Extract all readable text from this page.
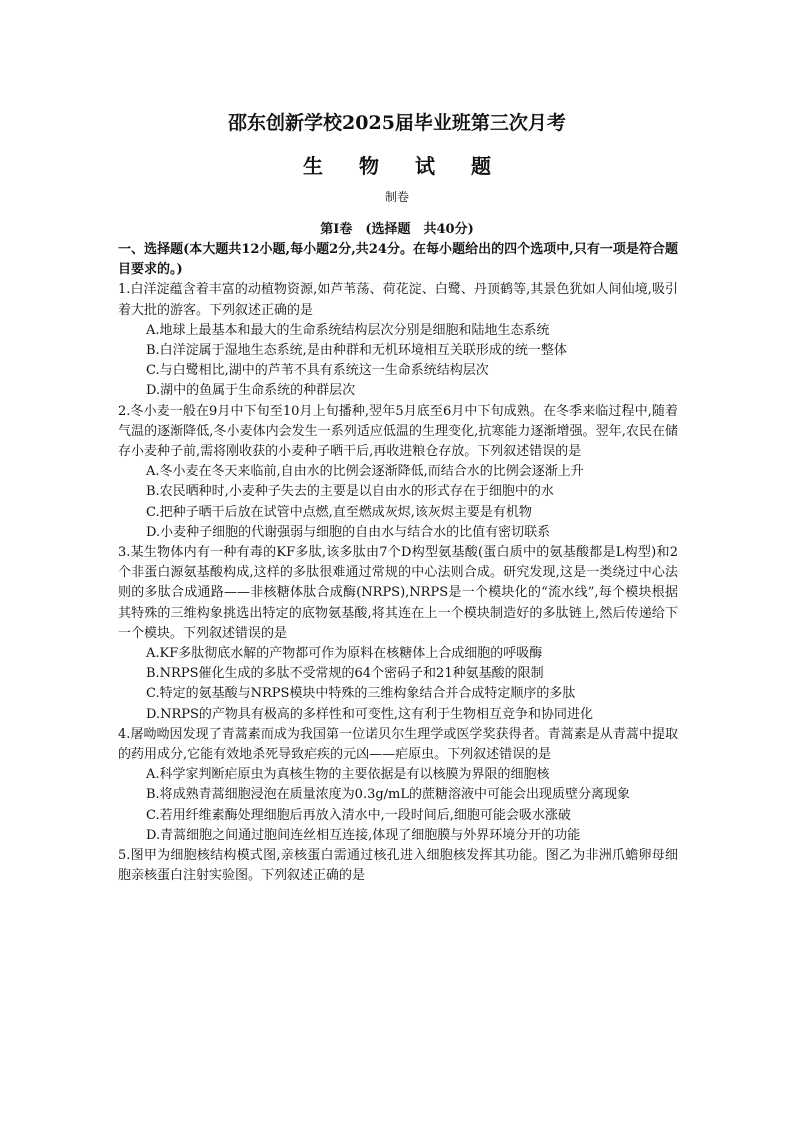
邵东创新学校2025届毕业班第三次月考
生物试题
制卷
第Ⅰ卷　(选择题　共40分)

一、选择题(本大题共12小题,每小题2分,共24分。在每小题给出的四个选项中,只有一项是符合题目要求的。)

1.白洋淀蕴含着丰富的动植物资源,如芦苇荡、荷花淀、白鹭、丹顶鹤等,其景色犹如人间仙境,吸引着大批的游客。下列叙述正确的是

A.地球上最基本和最大的生命系统结构层次分别是细胞和陆地生态系统

B.白洋淀属于湿地生态系统,是由种群和无机环境相互关联形成的统一整体

C.与白鹭相比,湖中的芦苇不具有系统这一生命系统结构层次

D.湖中的鱼属于生命系统的种群层次

2.冬小麦一般在9月中下旬至10月上旬播种,翌年5月底至6月中下旬成熟。在冬季来临过程中,随着气温的逐渐降低,冬小麦体内会发生一系列适应低温的生理变化,抗寒能力逐渐增强。翌年,农民在储存小麦种子前,需将刚收获的小麦种子晒干后,再收进粮仓存放。下列叙述错误的是

A.冬小麦在冬天来临前,自由水的比例会逐渐降低,而结合水的比例会逐渐上升

B.农民晒种时,小麦种子失去的主要是以自由水的形式存在于细胞中的水

C.把种子晒干后放在试管中点燃,直至燃成灰烬,该灰烬主要是有机物

D.小麦种子细胞的代谢强弱与细胞的自由水与结合水的比值有密切联系

3.某生物体内有一种有毒的KF多肽,该多肽由7个D构型氨基酸(蛋白质中的氨基酸都是L构型)和2个非蛋白源氨基酸构成,这样的多肽很难通过常规的中心法则合成。研究发现,这是一类绕过中心法则的多肽合成通路——非核糖体肽合成酶(NRPS),NRPS是一个模块化的“流水线”,每个模块根据其特殊的三维构象挑选出特定的底物氨基酸,将其连在上一个模块制造好的多肽链上,然后传递给下一个模块。下列叙述错误的是

A.KF多肽彻底水解的产物都可作为原料在核糖体上合成细胞的呼吸酶

B.NRPS催化生成的多肽不受常规的64个密码子和21种氨基酸的限制

C.特定的氨基酸与NRPS模块中特殊的三维构象结合并合成特定顺序的多肽

D.NRPS的产物具有极高的多样性和可变性,这有利于生物相互竞争和协同进化

4.屠呦呦因发现了青蒿素而成为我国第一位诺贝尔生理学或医学奖获得者。青蒿素是从青蒿中提取的药用成分,它能有效地杀死导致疟疾的元凶——疟原虫。下列叙述错误的是

A.科学家判断疟原虫为真核生物的主要依据是有以核膜为界限的细胞核

B.将成熟青蒿细胞浸泡在质量浓度为0.3g/mL的蔗糖溶液中可能会出现质壁分离现象

C.若用纤维素酶处理细胞后再放入清水中,一段时间后,细胞可能会吸水涨破

D.青蒿细胞之间通过胞间连丝相互连接,体现了细胞膜与外界环境分开的功能

5.图甲为细胞核结构模式图,亲核蛋白需通过核孔进入细胞核发挥其功能。图乙为非洲爪蟾卵母细胞亲核蛋白注射实验图。下列叙述正确的是
